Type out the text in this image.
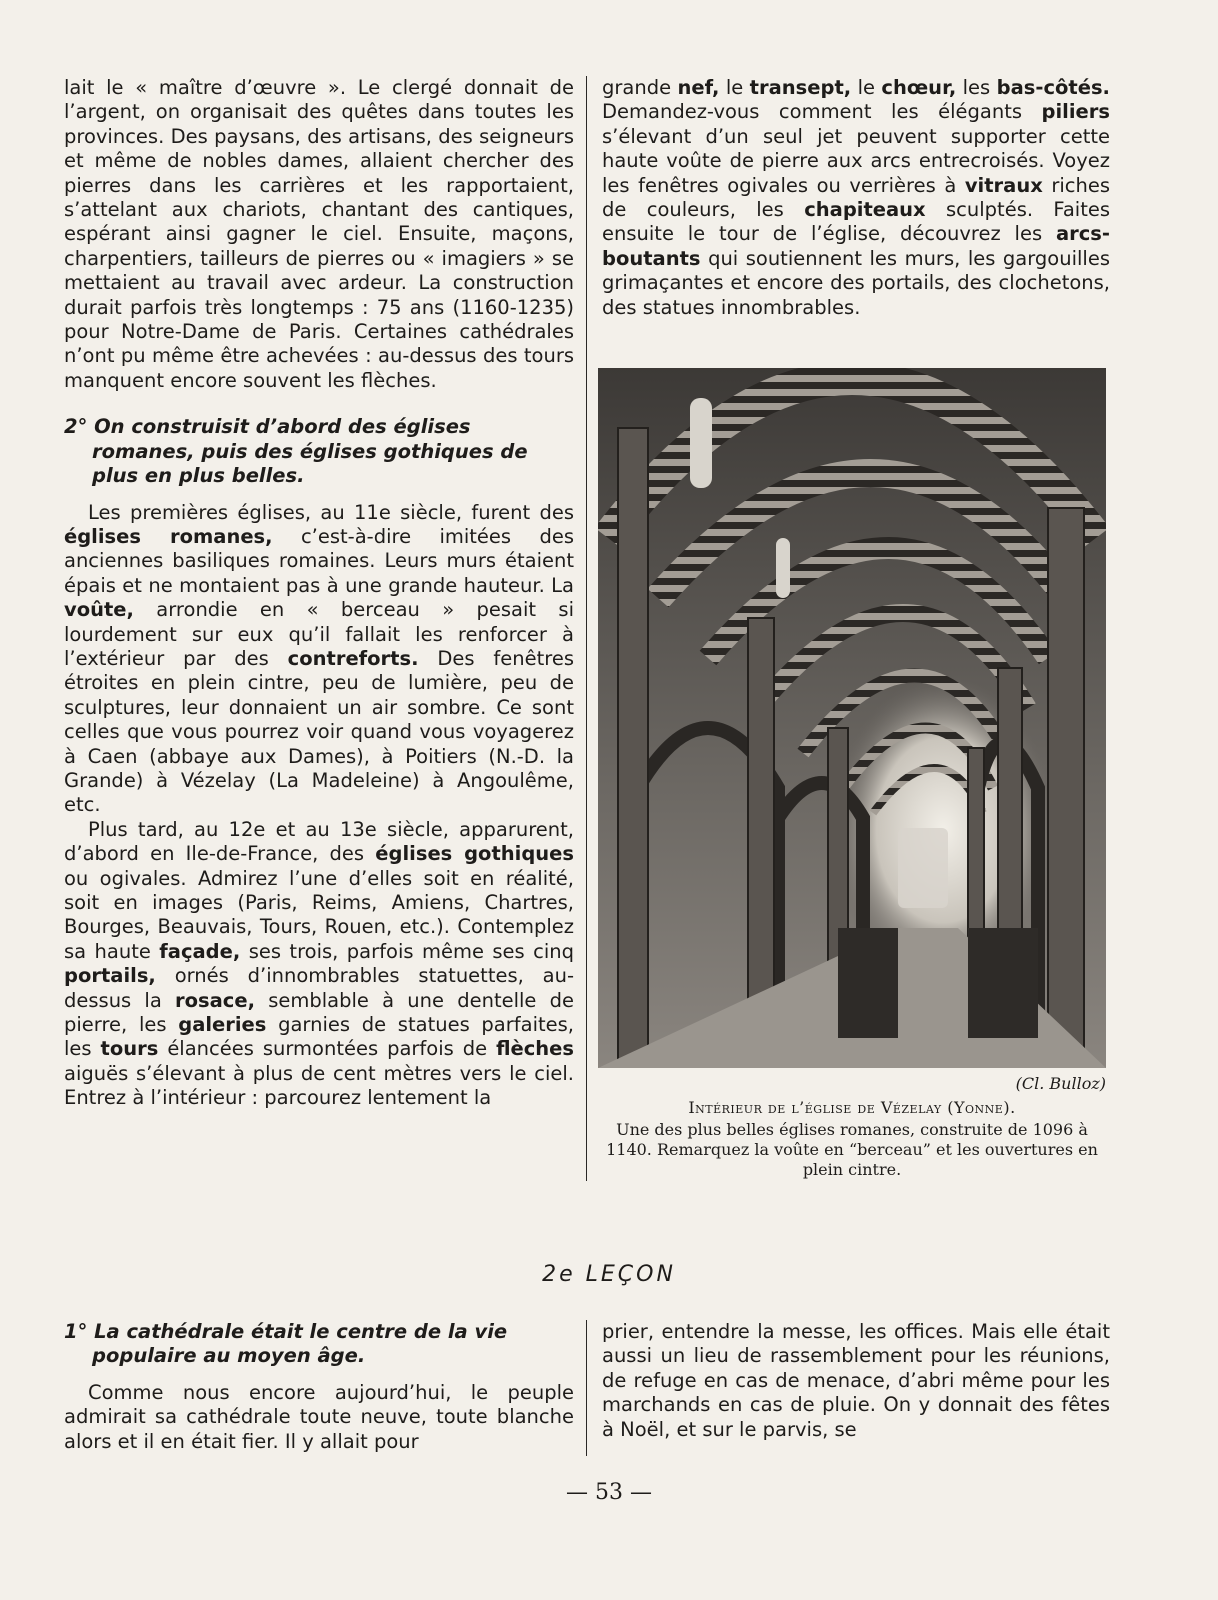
lait le « maître d’œuvre ». Le clergé donnait de l’argent, on organisait des quêtes dans toutes les provinces. Des paysans, des artisans, des seigneurs et même de nobles dames, allaient chercher des pierres dans les carrières et les rapportaient, s’attelant aux chariots, chantant des cantiques, espérant ainsi gagner le ciel. Ensuite, maçons, charpentiers, tailleurs de pierres ou « imagiers » se mettaient au travail avec ardeur. La construction durait parfois très longtemps : 75 ans (1160-1235) pour Notre-Dame de Paris. Certaines cathédrales n’ont pu même être achevées : au-dessus des tours manquent encore souvent les flèches.

2° On construisit d’abord des églises romanes, puis des églises gothiques de plus en plus belles.

Les premières églises, au 11e siècle, furent des églises romanes, c’est-à-dire imitées des anciennes basiliques romaines. Leurs murs étaient épais et ne montaient pas à une grande hauteur. La voûte, arrondie en « berceau » pesait si lourdement sur eux qu’il fallait les renforcer à l’extérieur par des contreforts. Des fenêtres étroites en plein cintre, peu de lumière, peu de sculptures, leur donnaient un air sombre. Ce sont celles que vous pourrez voir quand vous voyagerez à Caen (abbaye aux Dames), à Poitiers (N.-D. la Grande) à Vézelay (La Madeleine) à Angoulême, etc.

Plus tard, au 12e et au 13e siècle, apparurent, d’abord en Ile-de-France, des églises gothiques ou ogivales. Admirez l’une d’elles soit en réalité, soit en images (Paris, Reims, Amiens, Chartres, Bourges, Beauvais, Tours, Rouen, etc.). Contemplez sa haute façade, ses trois, parfois même ses cinq portails, ornés d’innombrables statuettes, au-dessus la rosace, semblable à une dentelle de pierre, les galeries garnies de statues parfaites, les tours élancées surmontées parfois de flèches aiguës s’élevant à plus de cent mètres vers le ciel. Entrez à l’intérieur : parcourez lentement la

grande nef, le transept, le chœur, les bas-côtés. Demandez-vous comment les élégants piliers s’élevant d’un seul jet peuvent supporter cette haute voûte de pierre aux arcs entrecroisés. Voyez les fenêtres ogivales ou verrières à vitraux riches de couleurs, les chapiteaux sculptés. Faites ensuite le tour de l’église, découvrez les arcs-boutants qui soutiennent les murs, les gargouilles grimaçantes et encore des portails, des clochetons, des statues innombrables.

(Cl. Bulloz)
Intérieur de l’église de Vézelay (Yonne).
Une des plus belles églises romanes, construite de 1096 à 1140. Remarquez la voûte en “berceau” et les ouvertures en plein cintre.
2e LEÇON

1° La cathédrale était le centre de la vie populaire au moyen âge.

Comme nous encore aujourd’hui, le peuple admirait sa cathédrale toute neuve, toute blanche alors et il en était fier. Il y allait pour

prier, entendre la messe, les offices. Mais elle était aussi un lieu de rassemblement pour les réunions, de refuge en cas de menace, d’abri même pour les marchands en cas de pluie. On y donnait des fêtes à Noël, et sur le parvis, se

— 53 —
